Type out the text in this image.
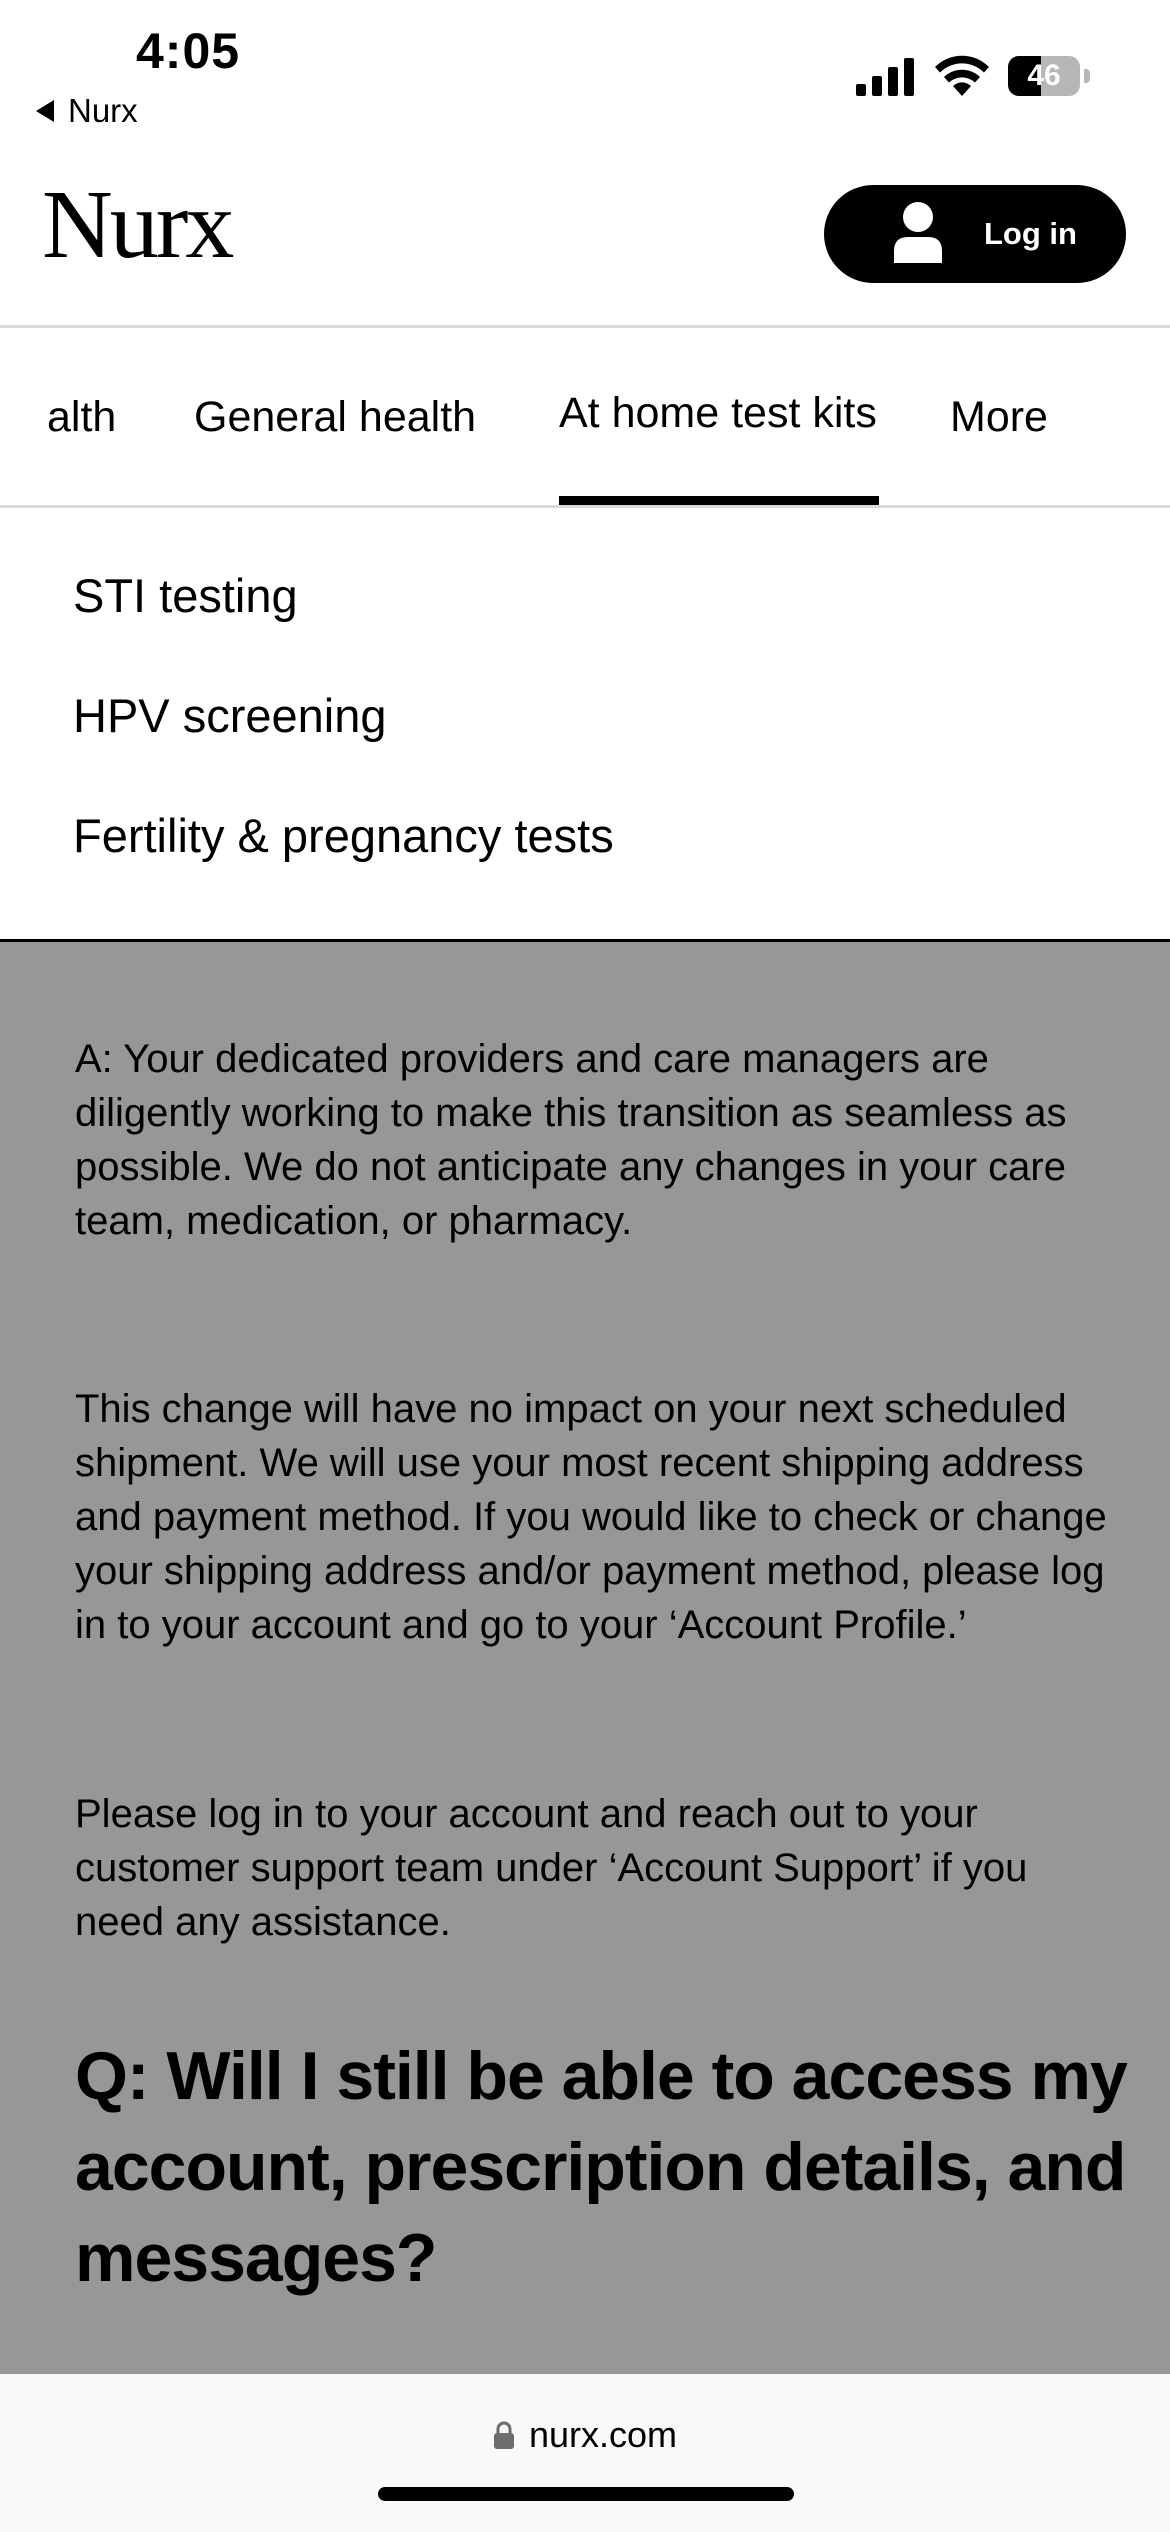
4:05
Nurx
46
Nurx	Log in
alth General health At home test kits More
STI testing
HPV screening
Fertility & pregnancy tests

A: Your dedicated providers and care managers are diligently working to make this transition as seamless as possible. We do not anticipate any changes in your care team, medication, or pharmacy.

This change will have no impact on your next scheduled shipment. We will use your most recent shipping address and payment method. If you would like to check or change your shipping address and/or payment method, please log in to your account and go to your ‘Account Profile.’

Please log in to your account and reach out to your customer support team under ‘Account Support’ if you need any assistance.

Q: Will I still be able to access my account, prescription details, and messages?
nurx.com
